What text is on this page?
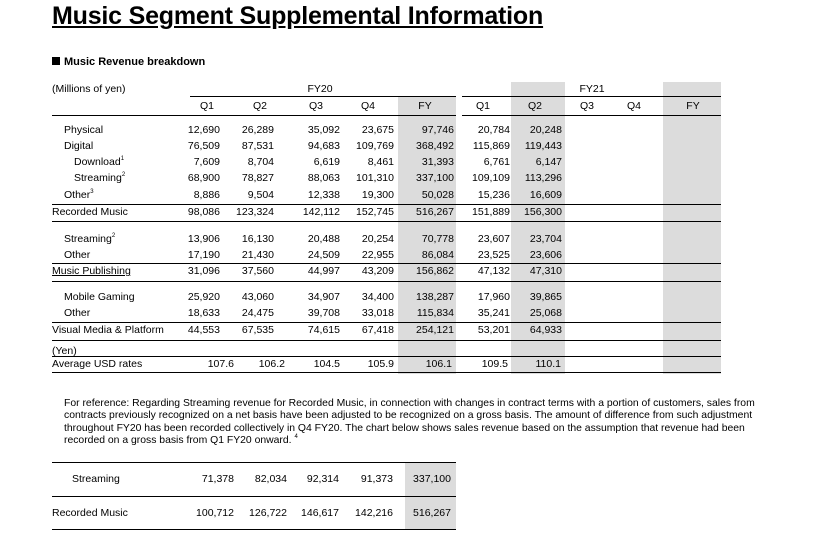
Music Segment Supplemental Information
Music Revenue breakdown
(Millions of yen)	FY20	FY21
Q1	Q2	Q3	Q4	FY	Q1	Q2	Q3	Q4	FY
Physical	12,690	26,289	35,092	23,675	97,746	20,784	20,248
Digital	76,509	87,531	94,683	109,769	368,492	115,869	119,443
Download$^1$	7,609	8,704	6,619	8,461	31,393	6,761	6,147
Streaming$^2$	68,900	78,827	88,063	101,310	337,100	109,109	113,296
Other$^3$	8,886	9,504	12,338	19,300	50,028	15,236	16,609
Recorded Music	98,086	123,324	142,112	152,745	516,267	151,889	156,300
Streaming$^2$	13,906	16,130	20,488	20,254	70,778	23,607	23,704
Other	17,190	21,430	24,509	22,955	86,084	23,525	23,606
Music Publishing	31,096	37,560	44,997	43,209	156,862	47,132	47,310
Mobile Gaming	25,920	43,060	34,907	34,400	138,287	17,960	39,865
Other	18,633	24,475	39,708	33,018	115,834	35,241	25,068
Visual Media & Platform	44,553	67,535	74,615	67,418	254,121	53,201	64,933
(Yen)
Average USD rates	107.6	106.2	104.5	105.9	106.1	109.5	110.1
For reference: Regarding Streaming revenue for Recorded Music, in connection with changes in contract terms with a portion of customers, sales from contracts previously recognized on a net basis have been adjusted to be recognized on a gross basis. The amount of difference from such adjustment throughout FY20 has been recorded collectively in Q4 FY20. The chart below shows sales revenue based on the assumption that revenue had been recorded on a gross basis from Q1 FY20 onward. $^4$
Streaming	71,378	82,034	92,314	91,373	337,100
Recorded Music	100,712	126,722	146,617	142,216	516,267
